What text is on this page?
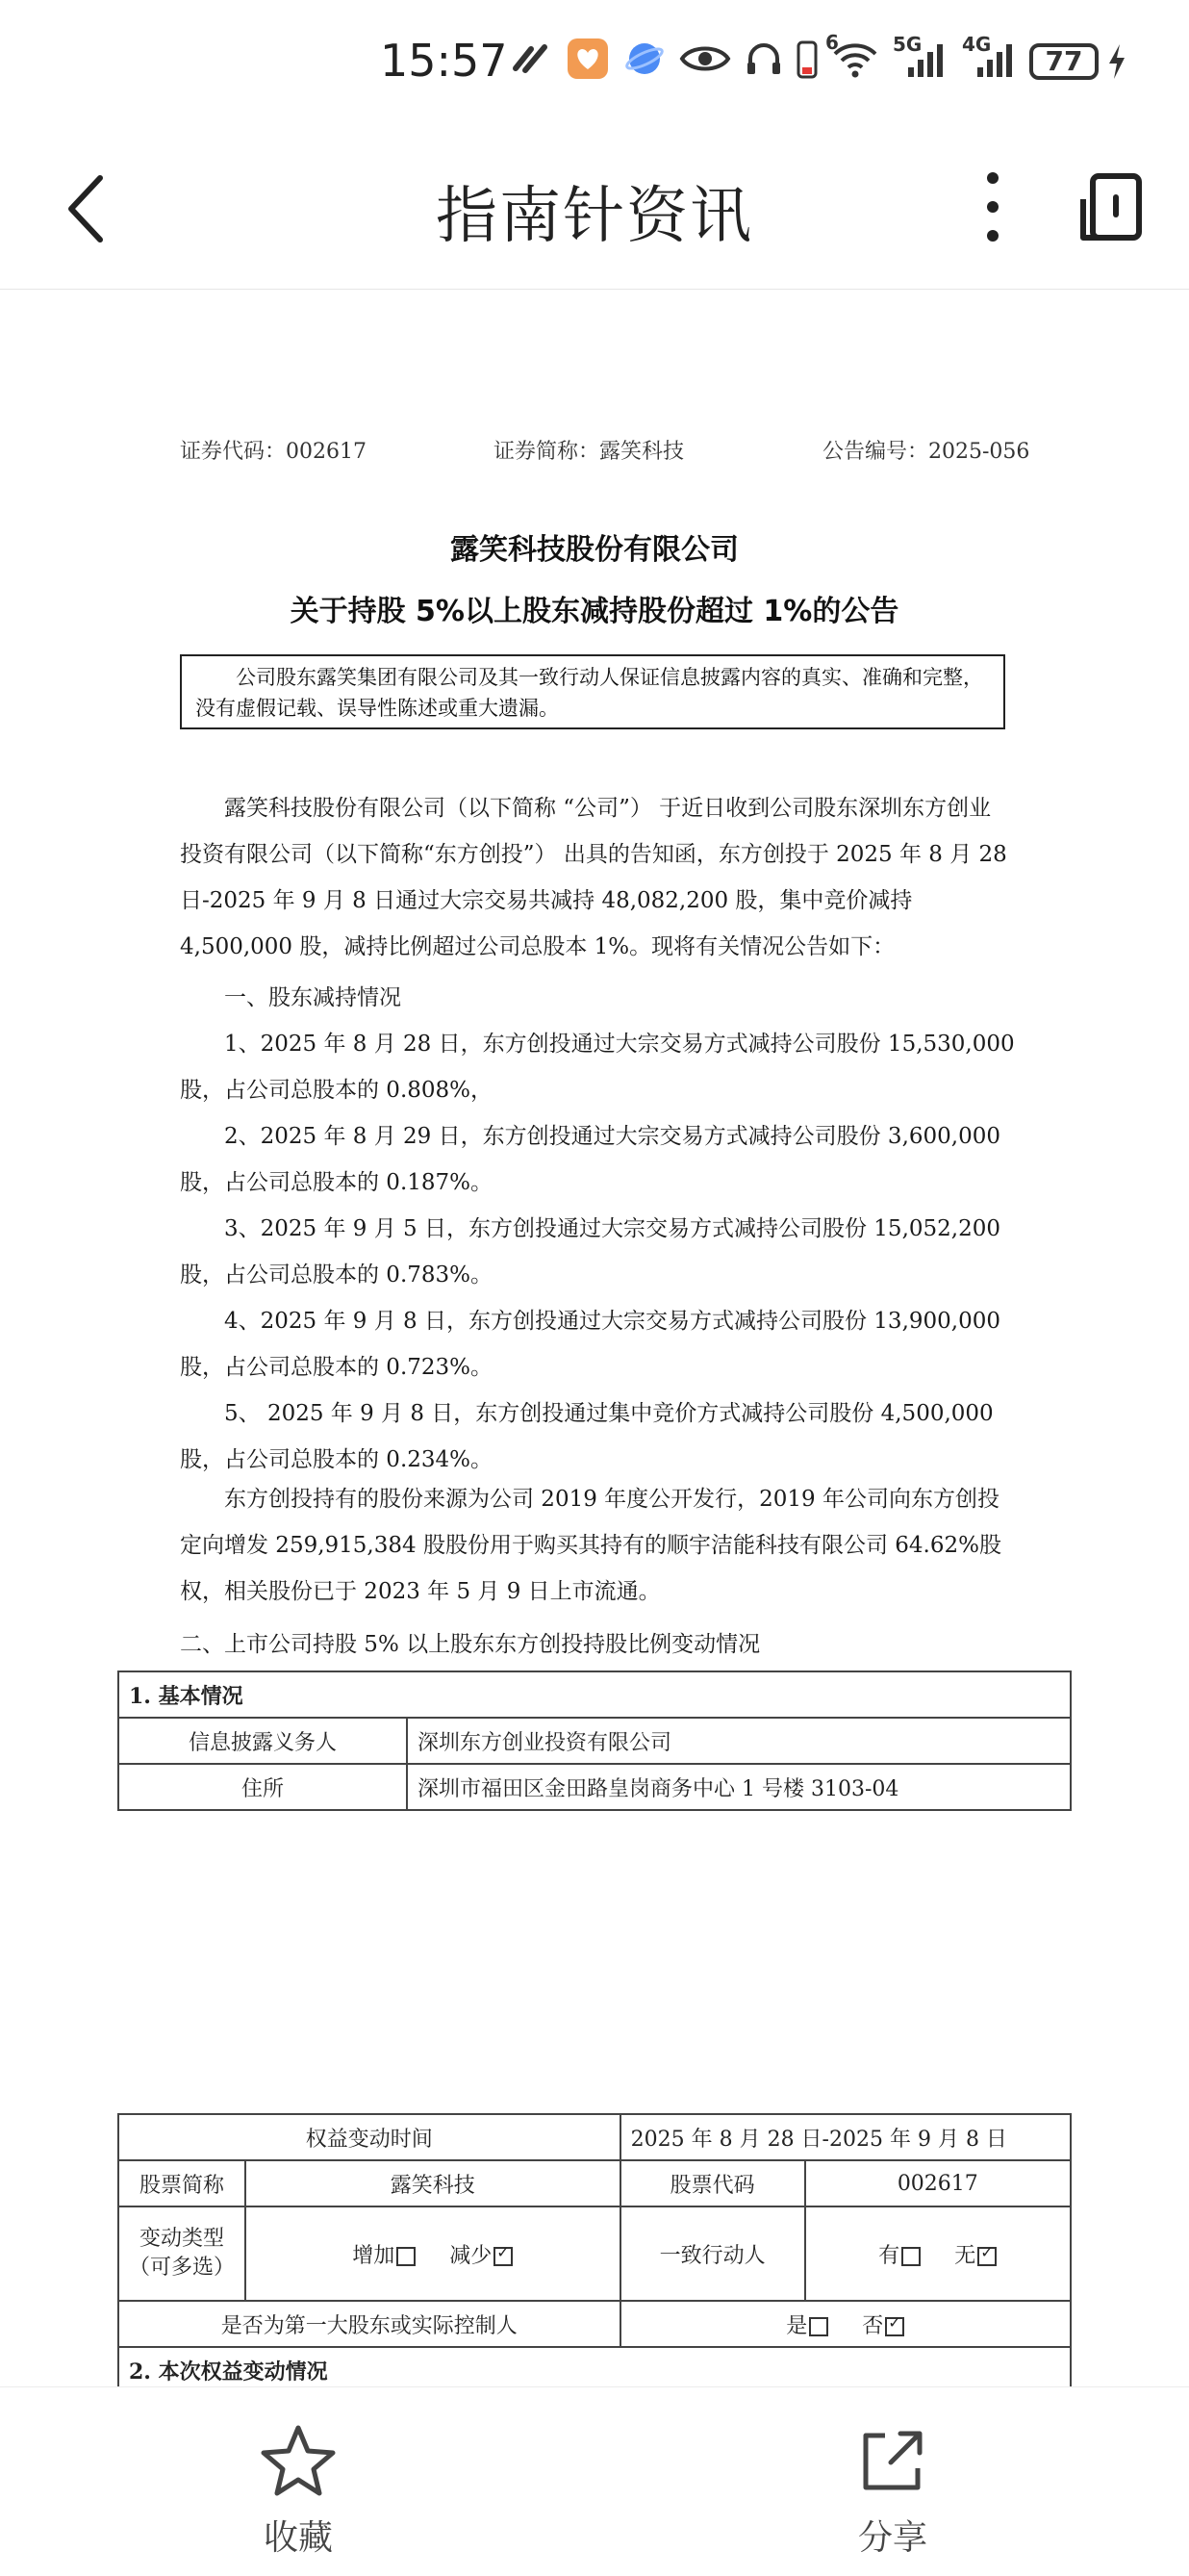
15:57	6	5G 4G
77
指南针资讯
证券代码：002617	证券简称：露笑科技	公告编号：2025-056
露笑科技股份有限公司
关于持股 5%以上股东减持股份超过 1%的公告
公司股东露笑集团有限公司及其一致行动人保证信息披露内容的真实、准确和完整，没有虚假记载、误导性陈述或重大遗漏。
露笑科技股份有限公司（以下简称 “公司”） 于近日收到公司股东深圳东方创业投资有限公司（以下简称“东方创投”） 出具的告知函，东方创投于 2025 年 8 月 28 日-2025 年 9 月 8 日通过大宗交易共减持 48,082,200 股，集中竞价减持 4,500,000 股，减持比例超过公司总股本 1%。现将有关情况公告如下：
一、股东减持情况
1、2025 年 8 月 28 日，东方创投通过大宗交易方式减持公司股份 15,530,000
股，占公司总股本的 0.808%，
2、2025 年 8 月 29 日，东方创投通过大宗交易方式减持公司股份 3,600,000
股，占公司总股本的 0.187%。
3、2025 年 9 月 5 日，东方创投通过大宗交易方式减持公司股份 15,052,200
股，占公司总股本的 0.783%。
4、2025 年 9 月 8 日，东方创投通过大宗交易方式减持公司股份 13,900,000
股，占公司总股本的 0.723%。
5、 2025 年 9 月 8 日，东方创投通过集中竞价方式减持公司股份 4,500,000
股，占公司总股本的 0.234%。
东方创投持有的股份来源为公司 2019 年度公开发行，2019 年公司向东方创投定向增发 259,915,384 股股份用于购买其持有的顺宇洁能科技有限公司 64.62%股权，相关股份已于 2023 年 5 月 9 日上市流通。
二、上市公司持股 5% 以上股东东方创投持股比例变动情况
1. 基本情况	
信息披露义务人	深圳东方创业投资有限公司
住所	深圳市福田区金田路皇岗商务中心 1 号楼 3103-04
权益变动时间		2025 年 8 月 28 日-2025 年 9 月 8 日	
股票简称	露笑科技	股票代码	002617
变动类型（可多选）	增加 减少✓	一致行动人	有 无✓
是否为第一大股东或实际控制人		是 否✓
2. 本次权益变动情况			
收藏	分享
